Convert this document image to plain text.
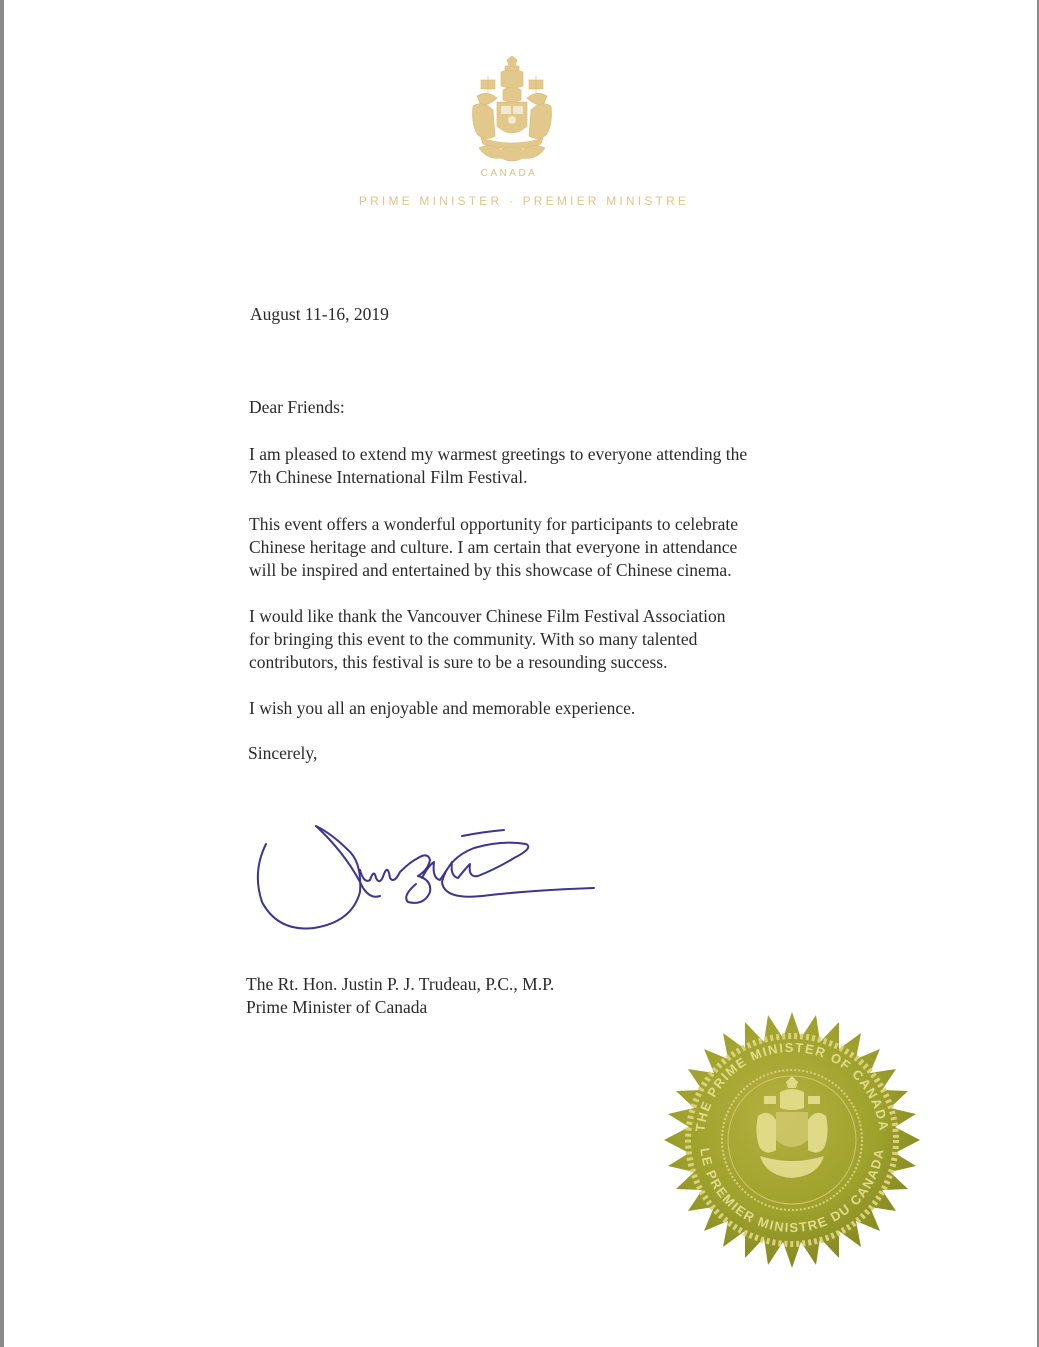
CANADA
PRIME MINISTER · PREMIER MINISTRE
August 11-16, 2019
Dear Friends:
I am pleased to extend my warmest greetings to everyone attending the
7th Chinese International Film Festival.
This event offers a wonderful opportunity for participants to celebrate
Chinese heritage and culture. I am certain that everyone in attendance
will be inspired and entertained by this showcase of Chinese cinema.
I would like thank the Vancouver Chinese Film Festival Association
for bringing this event to the community. With so many talented
contributors, this festival is sure to be a resounding success.
I wish you all an enjoyable and memorable experience.
Sincerely,
The Rt. Hon. Justin P. J. Trudeau, P.C., M.P.
Prime Minister of Canada
THE PRIME MINISTER OF CANADA
LE PREMIER MINISTRE DU CANADA
